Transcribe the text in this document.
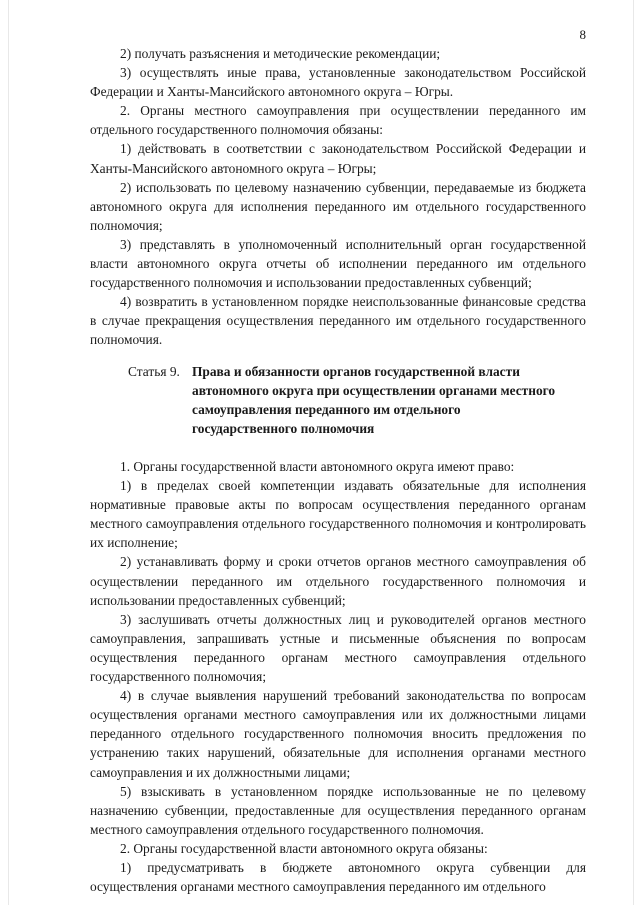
8

2) получать разъяснения и методические рекомендации;

3) осуществлять иные права, установленные законодательством Российской Федерации и Ханты-Мансийского автономного округа – Югры.

2. Органы местного самоуправления при осуществлении переданного им отдельного государственного полномочия обязаны:

1) действовать в соответствии с законодательством Российской Федерации и Ханты-Мансийского автономного округа – Югры;

2) использовать по целевому назначению субвенции, передаваемые из бюджета автономного округа для исполнения переданного им отдельного государственного полномочия;

3) представлять в уполномоченный исполнительный орган государственной власти автономного округа отчеты об исполнении переданного им отдельного государственного полномочия и использовании предоставленных субвенций;

4) возвратить в установленном порядке неиспользованные финансовые средства в случае прекращения осуществления переданного им отдельного государственного полномочия.

Статья 9. Права и обязанности органов государственной власти автономного округа при осуществлении органами местного самоуправления переданного им отдельного государственного полномочия

1. Органы государственной власти автономного округа имеют право:

1) в пределах своей компетенции издавать обязательные для исполнения нормативные правовые акты по вопросам осуществления переданного органам местного самоуправления отдельного государственного полномочия и контролировать их исполнение;

2) устанавливать форму и сроки отчетов органов местного самоуправления об осуществлении переданного им отдельного государственного полномочия и использовании предоставленных субвенций;

3) заслушивать отчеты должностных лиц и руководителей органов местного самоуправления, запрашивать устные и письменные объяснения по вопросам осуществления переданного органам местного самоуправления отдельного государственного полномочия;

4) в случае выявления нарушений требований законодательства по вопросам осуществления органами местного самоуправления или их должностными лицами переданного отдельного государственного полномочия вносить предложения по устранению таких нарушений, обязательные для исполнения органами местного самоуправления и их должностными лицами;

5) взыскивать в установленном порядке использованные не по целевому назначению субвенции, предоставленные для осуществления переданного органам местного самоуправления отдельного государственного полномочия.

2. Органы государственной власти автономного округа обязаны:

1) предусматривать в бюджете автономного округа субвенции для осуществления органами местного самоуправления переданного им отдельного
